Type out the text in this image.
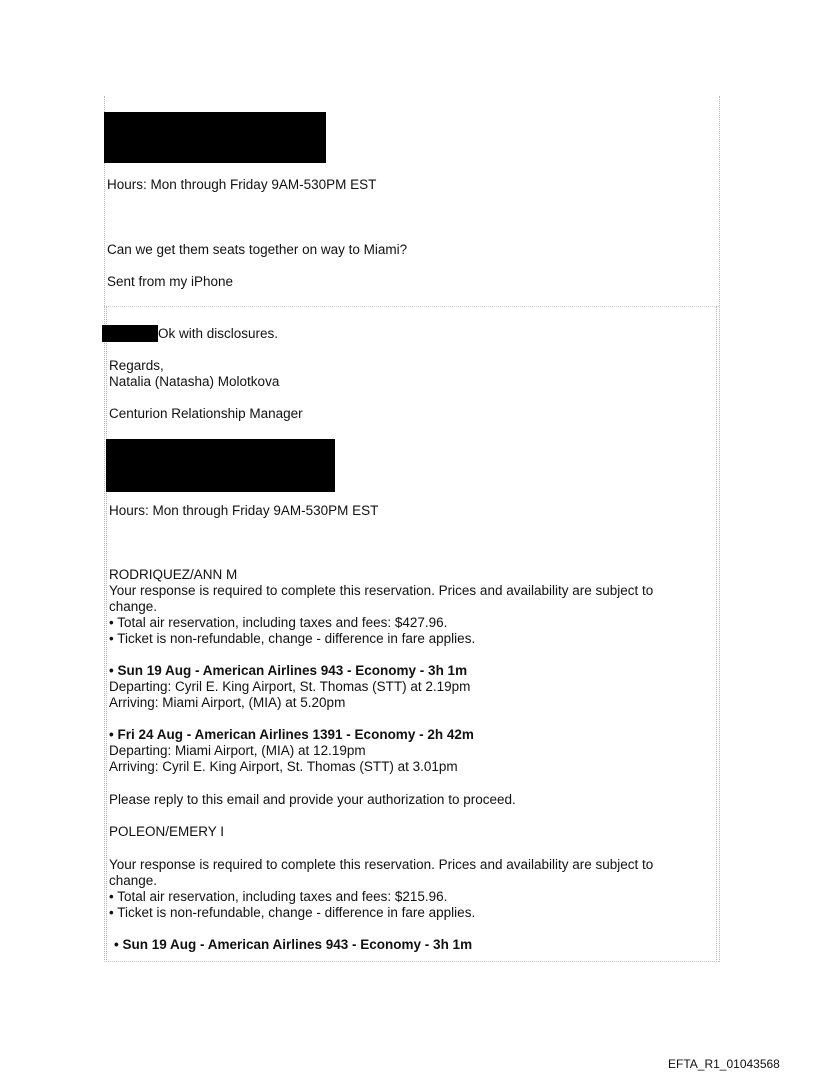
Hours: Mon through Friday 9AM-530PM EST
Can we get them seats together on way to Miami?
Sent from my iPhone
Ok with disclosures.
Regards,
Natalia (Natasha) Molotkova
Centurion Relationship Manager
Hours: Mon through Friday 9AM-530PM EST
RODRIQUEZ/ANN M
Your response is required to complete this reservation. Prices and availability are subject to
change.
• Total air reservation, including taxes and fees: $427.96.
• Ticket is non-refundable, change - difference in fare applies.
• Sun 19 Aug - American Airlines 943 - Economy - 3h 1m
Departing: Cyril E. King Airport, St. Thomas (STT) at 2.19pm
Arriving: Miami Airport, (MIA) at 5.20pm
• Fri 24 Aug - American Airlines 1391 - Economy - 2h 42m
Departing: Miami Airport, (MIA) at 12.19pm
Arriving: Cyril E. King Airport, St. Thomas (STT) at 3.01pm
Please reply to this email and provide your authorization to proceed.
POLEON/EMERY I
Your response is required to complete this reservation. Prices and availability are subject to
change.
• Total air reservation, including taxes and fees: $215.96.
• Ticket is non-refundable, change - difference in fare applies.
• Sun 19 Aug - American Airlines 943 - Economy - 3h 1m
EFTA_R1_01043568
